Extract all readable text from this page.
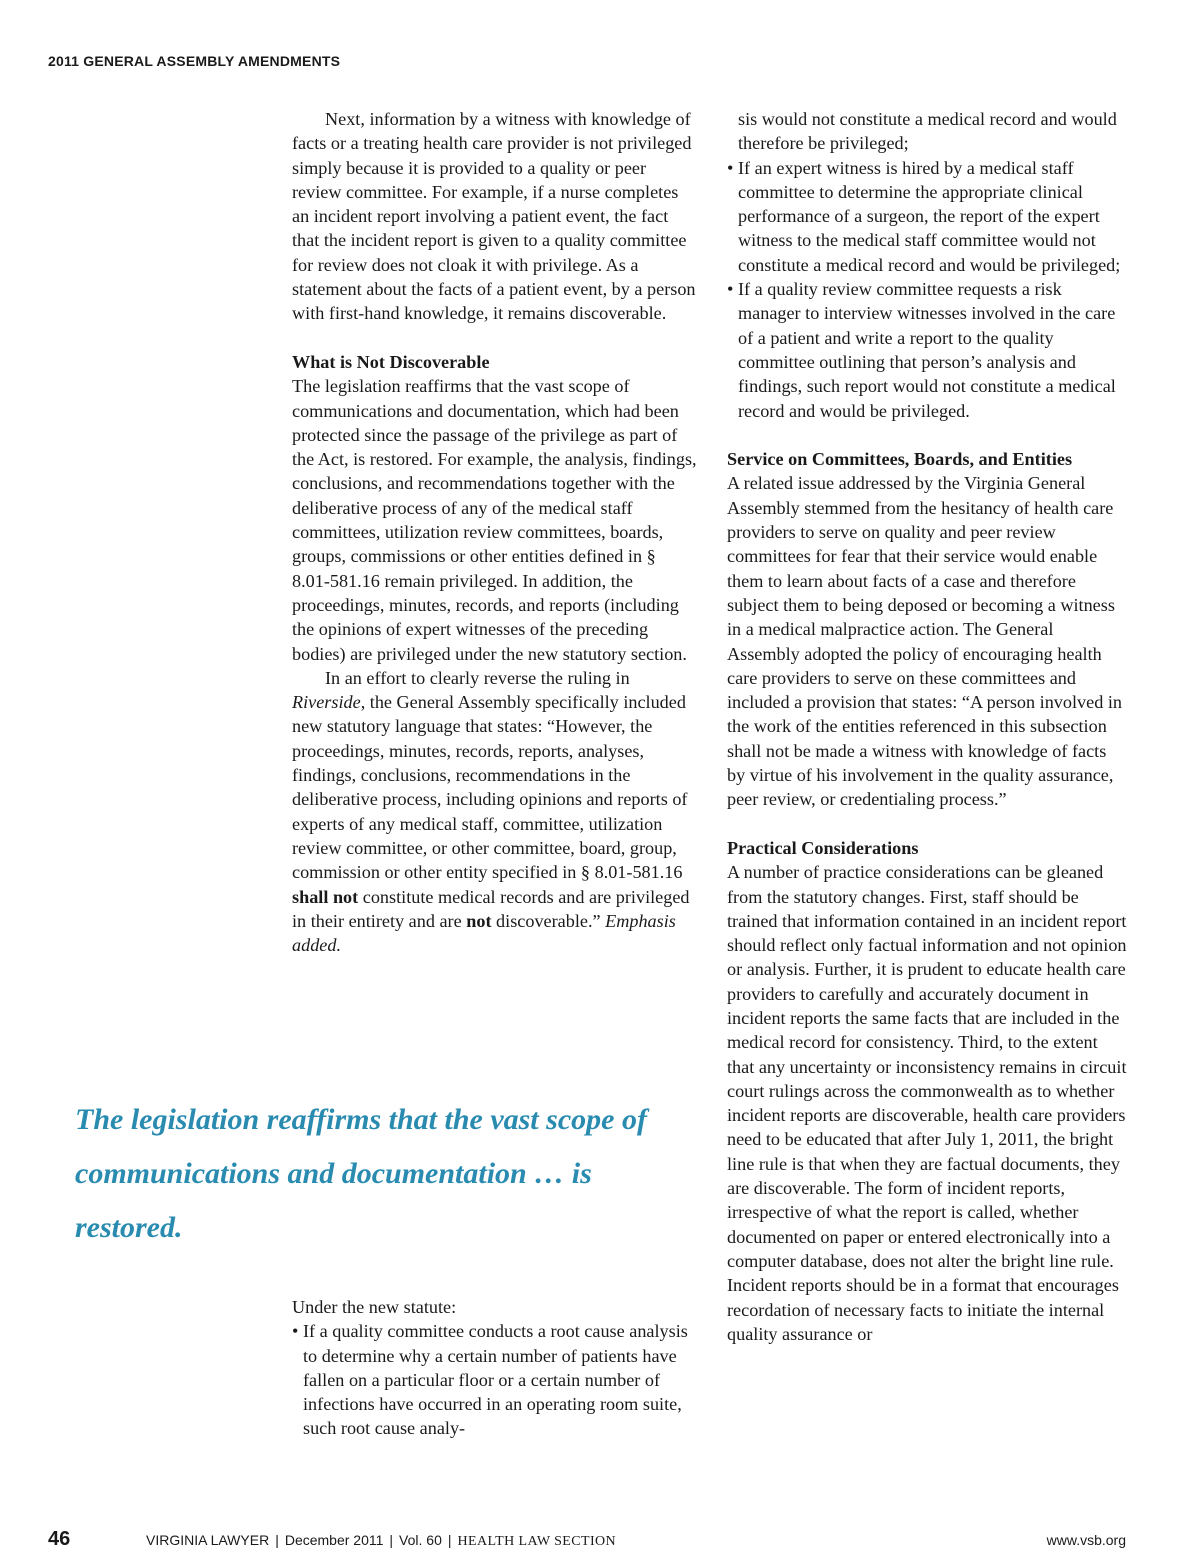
2011 GENERAL ASSEMBLY AMENDMENTS

Next, information by a witness with knowledge of facts or a treating health care provider is not privileged simply because it is provided to a quality or peer review committee. For example, if a nurse completes an incident report involving a patient event, the fact that the incident report is given to a quality committee for review does not cloak it with privilege. As a statement about the facts of a patient event, by a person with first-hand knowledge, it remains discoverable.

What is Not Discoverable

The legislation reaffirms that the vast scope of communications and documentation, which had been protected since the passage of the privilege as part of the Act, is restored. For example, the analysis, findings, conclusions, and recommendations together with the deliberative process of any of the medical staff committees, utilization review committees, boards, groups, commissions or other entities defined in § 8.01-581.16 remain privileged. In addition, the proceedings, minutes, records, and reports (including the opinions of expert witnesses of the preceding bodies) are privileged under the new statutory section.

In an effort to clearly reverse the ruling in Riverside, the General Assembly specifically included new statutory language that states: “However, the proceedings, minutes, records, reports, analyses, findings, conclusions, recommendations in the deliberative process, including opinions and reports of experts of any medical staff, committee, utilization review committee, or other committee, board, group, commission or other entity specified in § 8.01-581.16 shall not constitute medical records and are privileged in their entirety and are not discoverable.” Emphasis added.

The legislation reaffirms that the vast scope of communications and documentation … is restored.

Under the new statute:

• If a quality committee conducts a root cause analysis to determine why a certain number of patients have fallen on a particular floor or a certain number of infections have occurred in an operating room suite, such root cause analy-

sis would not constitute a medical record and would therefore be privileged;

• If an expert witness is hired by a medical staff committee to determine the appropriate clinical performance of a surgeon, the report of the expert witness to the medical staff committee would not constitute a medical record and would be privileged;
• If a quality review committee requests a risk manager to interview witnesses involved in the care of a patient and write a report to the quality committee outlining that person’s analysis and findings, such report would not constitute a medical record and would be privileged.

Service on Committees, Boards, and Entities

A related issue addressed by the Virginia General Assembly stemmed from the hesitancy of health care providers to serve on quality and peer review committees for fear that their service would enable them to learn about facts of a case and therefore subject them to being deposed or becoming a witness in a medical malpractice action. The General Assembly adopted the policy of encouraging health care providers to serve on these committees and included a provision that states: “A person involved in the work of the entities referenced in this subsection shall not be made a witness with knowledge of facts by virtue of his involvement in the quality assurance, peer review, or credentialing process.”

Practical Considerations

A number of practice considerations can be gleaned from the statutory changes. First, staff should be trained that information contained in an incident report should reflect only factual information and not opinion or analysis. Further, it is prudent to educate health care providers to carefully and accurately document in incident reports the same facts that are included in the medical record for consistency. Third, to the extent that any uncertainty or inconsistency remains in circuit court rulings across the commonwealth as to whether incident reports are discoverable, health care providers need to be educated that after July 1, 2011, the bright line rule is that when they are factual documents, they are discoverable. The form of incident reports, irrespective of what the report is called, whether documented on paper or entered electronically into a computer database, does not alter the bright line rule. Incident reports should be in a format that encourages recordation of necessary facts to initiate the internal quality assurance or

46	VIRGINIA LAWYER | December 2011 | Vol. 60 | HEALTH LAW SECTION	www.vsb.org
